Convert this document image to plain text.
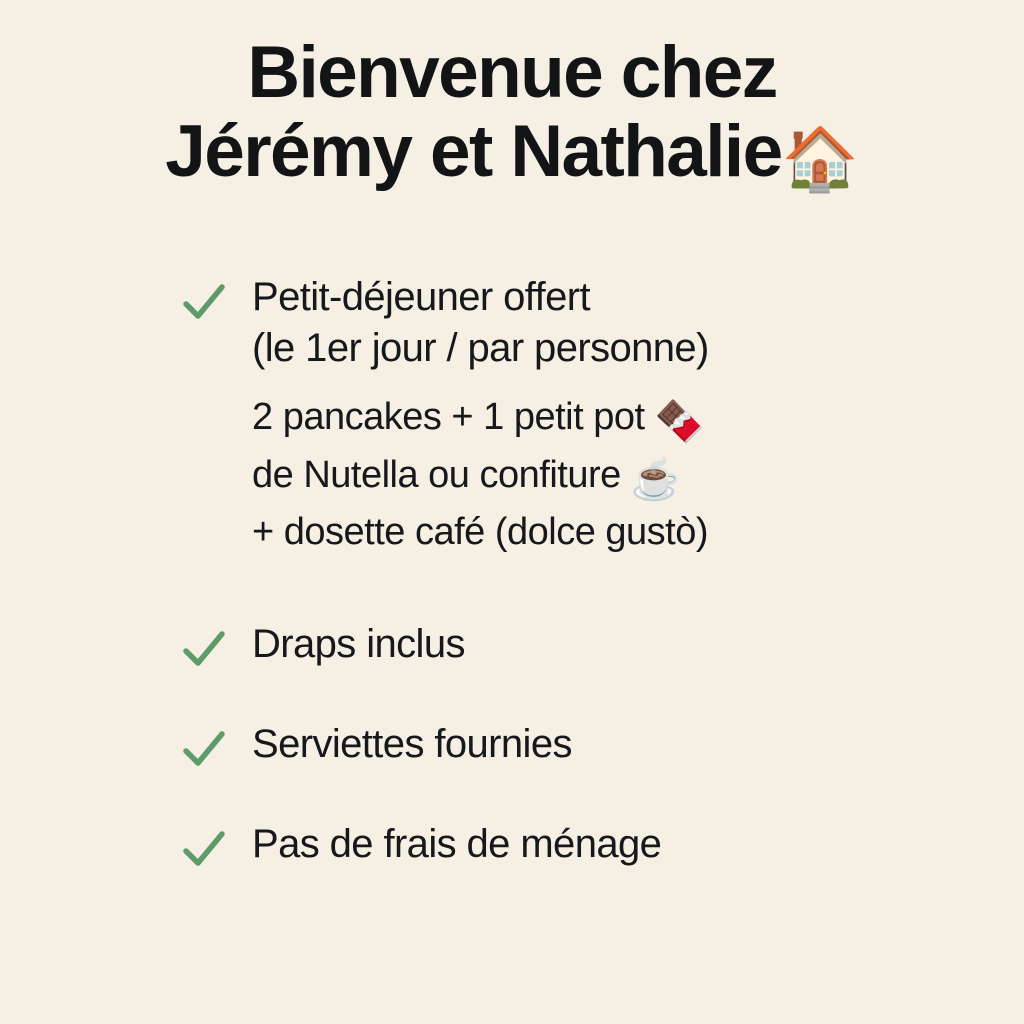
Bienvenue chez
Jérémy et Nathalie🏠
Petit-déjeuner offert
(le 1er jour / par personne)
2 pancakes + 1 petit pot 🍫
de Nutella ou confiture ☕
+ dosette café (dolce gustò)
Draps inclus
Serviettes fournies
Pas de frais de ménage
